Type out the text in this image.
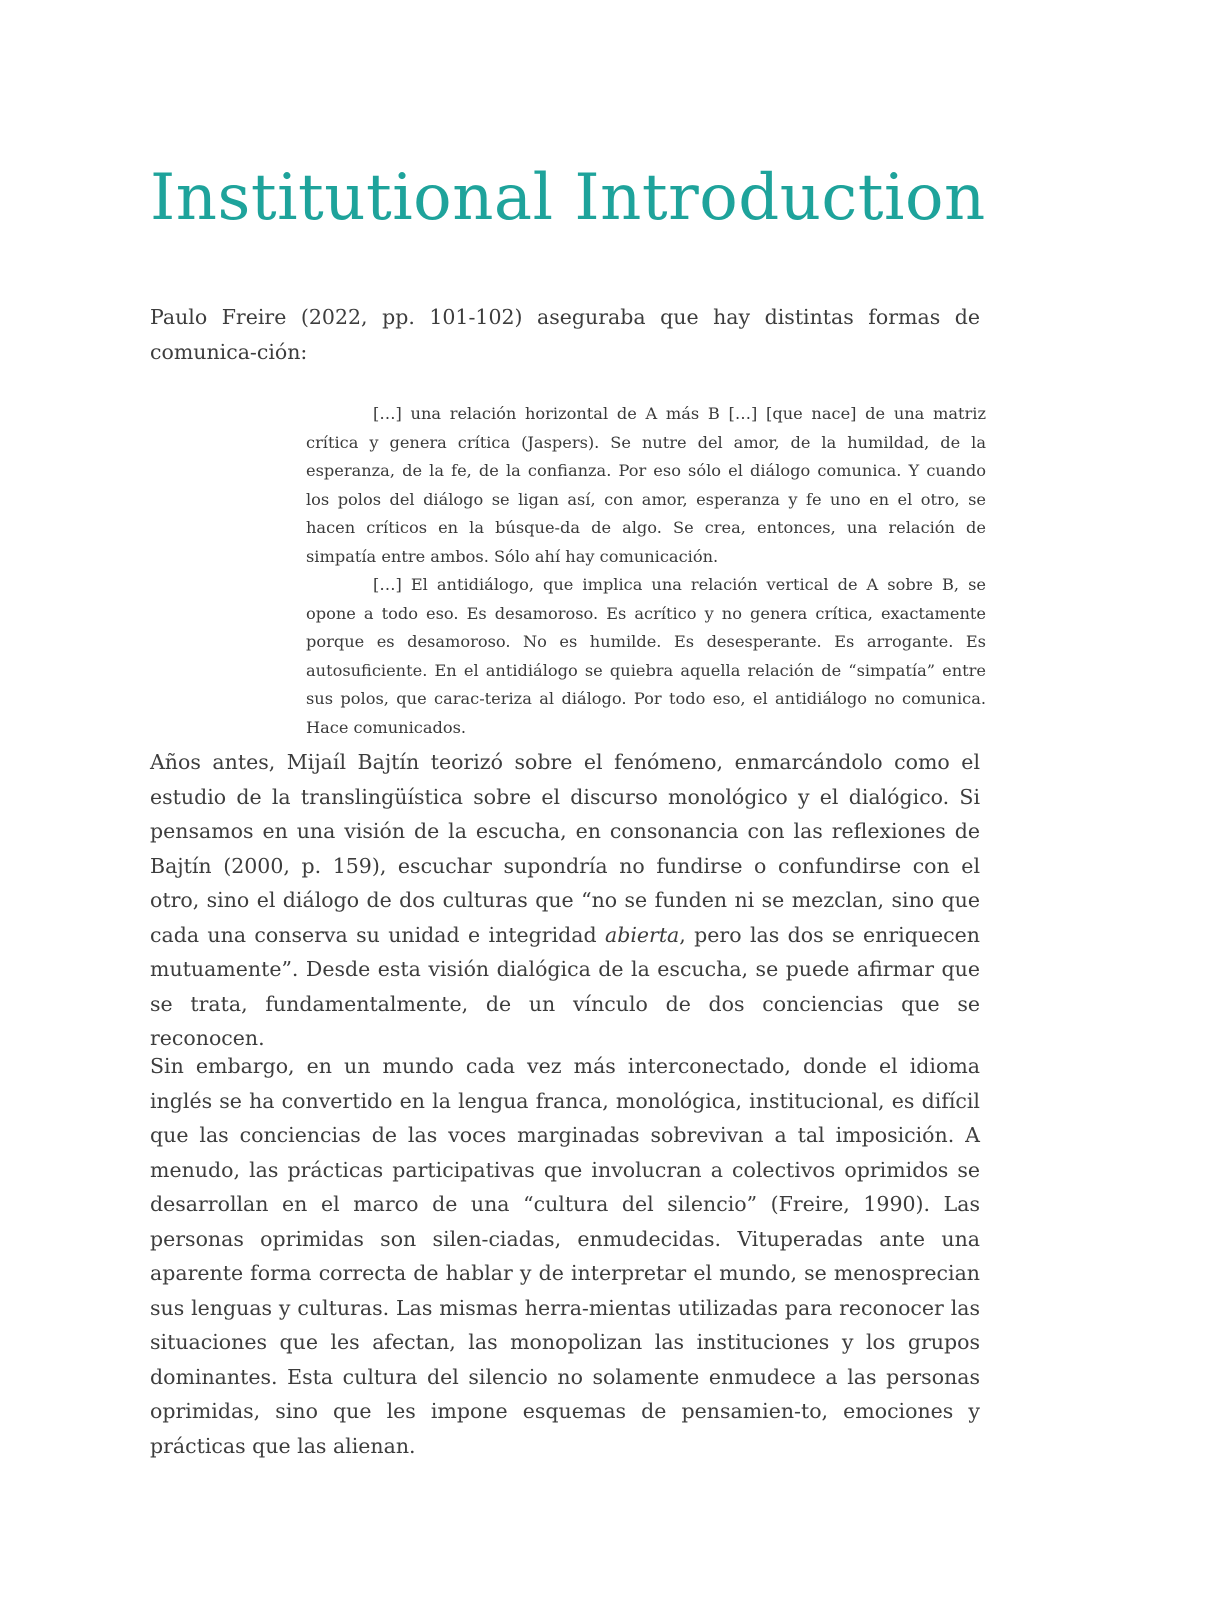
Institutional Introduction

Paulo Freire (2022, pp. 101-102) aseguraba que hay distintas formas de comunica-ción:

[…] una relación horizontal de A más B […] [que nace] de una matriz crítica y genera crítica (Jaspers). Se nutre del amor, de la humildad, de la esperanza, de la fe, de la confianza. Por eso sólo el diálogo comunica. Y cuando los polos del diálogo se ligan así, con amor, esperanza y fe uno en el otro, se hacen críticos en la búsque-da de algo. Se crea, entonces, una relación de simpatía entre ambos. Sólo ahí hay comunicación.

[…] El antidiálogo, que implica una relación vertical de A sobre B, se opone a todo eso. Es desamoroso. Es acrítico y no genera crítica, exactamente porque es desamoroso. No es humilde. Es desesperante. Es arrogante. Es autosuficiente. En el antidiálogo se quiebra aquella relación de “simpatía” entre sus polos, que carac-teriza al diálogo. Por todo eso, el antidiálogo no comunica. Hace comunicados.

Años antes, Mijaíl Bajtín teorizó sobre el fenómeno, enmarcándolo como el estudio de la translingüística sobre el discurso monológico y el dialógico. Si pensamos en una visión de la escucha, en consonancia con las reflexiones de Bajtín (2000, p. 159), escuchar supondría no fundirse o confundirse con el otro, sino el diálogo de dos culturas que “no se funden ni se mezclan, sino que cada una conserva su unidad e integridad abierta, pero las dos se enriquecen mutuamente”. Desde esta visión dialógica de la escucha, se puede afirmar que se trata, fundamentalmente, de un vínculo de dos conciencias que se reconocen.

Sin embargo, en un mundo cada vez más interconectado, donde el idioma inglés se ha convertido en la lengua franca, monológica, institucional, es difícil que las conciencias de las voces marginadas sobrevivan a tal imposición. A menudo, las prácticas participativas que involucran a colectivos oprimidos se desarrollan en el marco de una “cultura del silencio” (Freire, 1990). Las personas oprimidas son silen-ciadas, enmudecidas. Vituperadas ante una aparente forma correcta de hablar y de interpretar el mundo, se menosprecian sus lenguas y culturas. Las mismas herra-mientas utilizadas para reconocer las situaciones que les afectan, las monopolizan las instituciones y los grupos dominantes. Esta cultura del silencio no solamente enmudece a las personas oprimidas, sino que les impone esquemas de pensamien-to, emociones y prácticas que las alienan.
